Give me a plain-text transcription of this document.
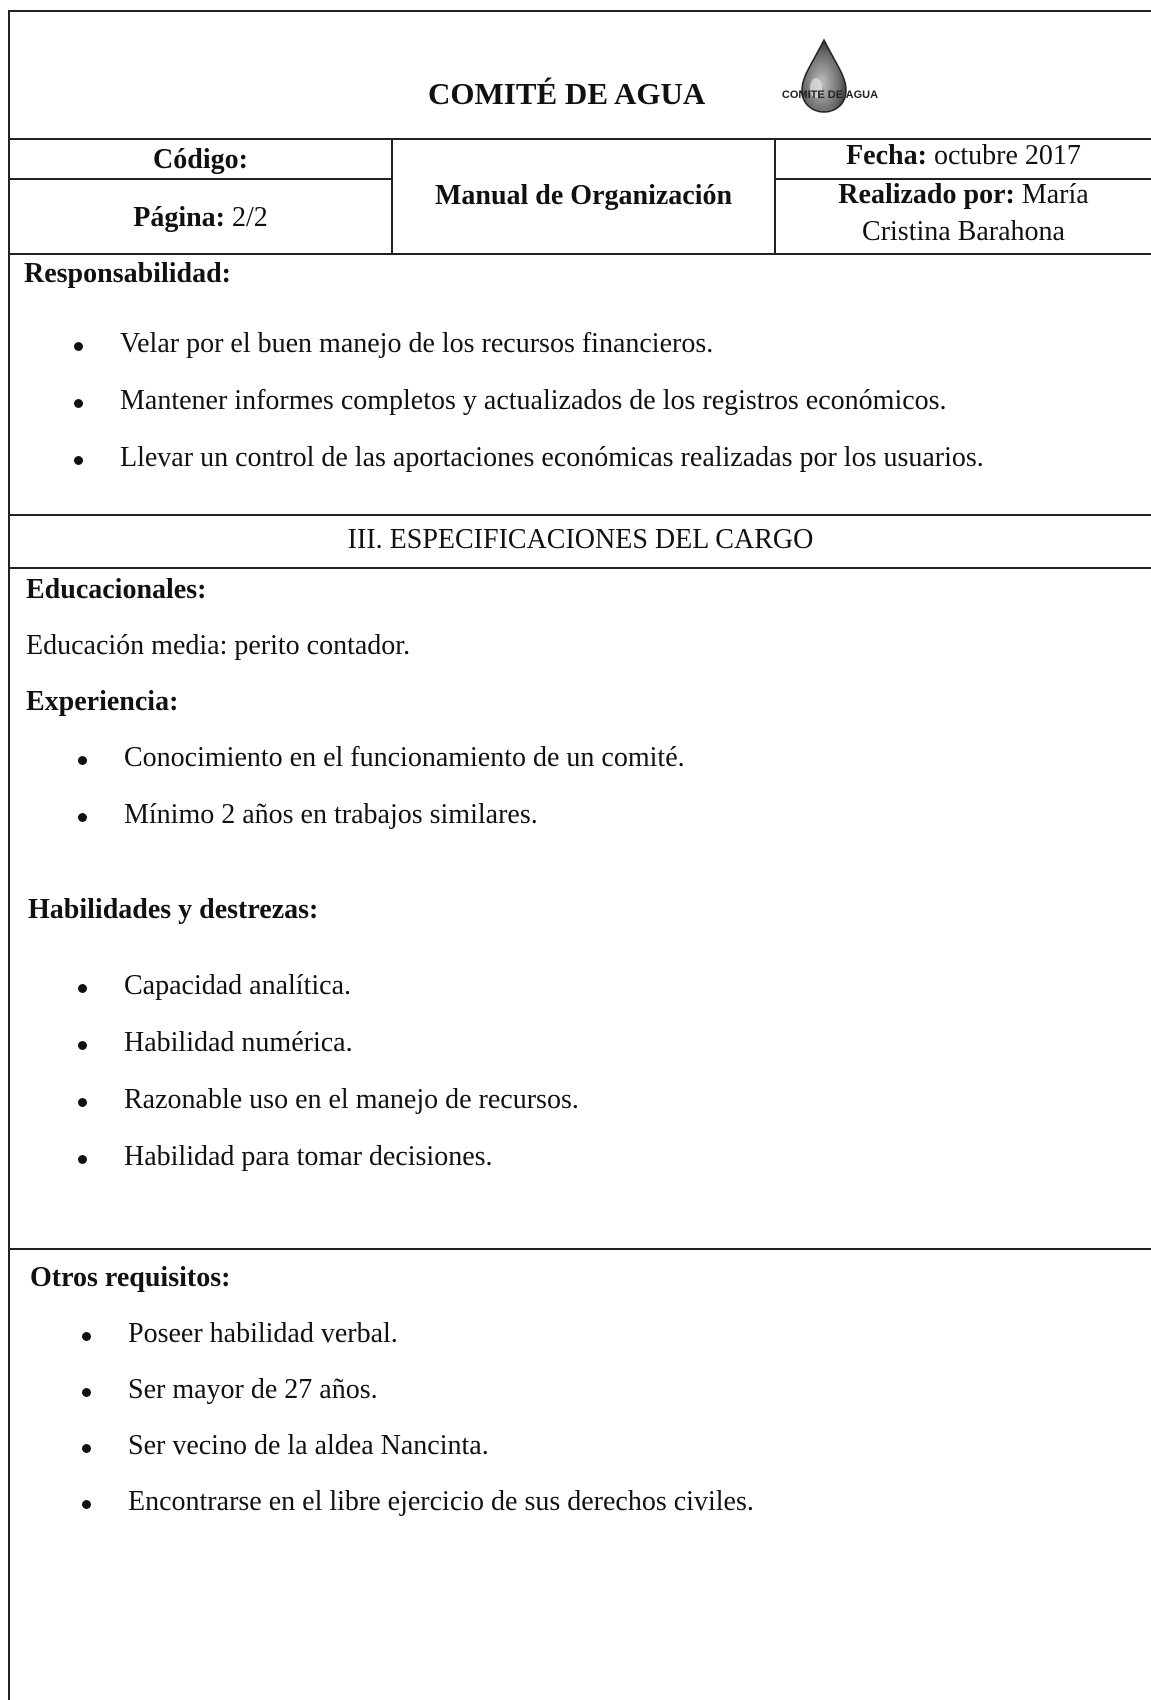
COMITÉ DE AGUA	COMITE DE AGUA
Código:
Página: 2/2
Manual de Organización
Fecha: octubre 2017
Realizado por: María
Cristina Barahona
Responsabilidad:
Velar por el buen manejo de los recursos financieros.
Mantener informes completos y actualizados de los registros económicos.
Llevar un control de las aportaciones económicas realizadas por los usuarios.
III. ESPECIFICACIONES DEL CARGO
Educacionales:
Educación media: perito contador.
Experiencia:
Conocimiento en el funcionamiento de un comité.
Mínimo 2 años en trabajos similares.
Habilidades y destrezas:
Capacidad analítica.
Habilidad numérica.
Razonable uso en el manejo de recursos.
Habilidad para tomar decisiones.
Otros requisitos:
Poseer habilidad verbal.
Ser mayor de 27 años.
Ser vecino de la aldea Nancinta.
Encontrarse en el libre ejercicio de sus derechos civiles.
